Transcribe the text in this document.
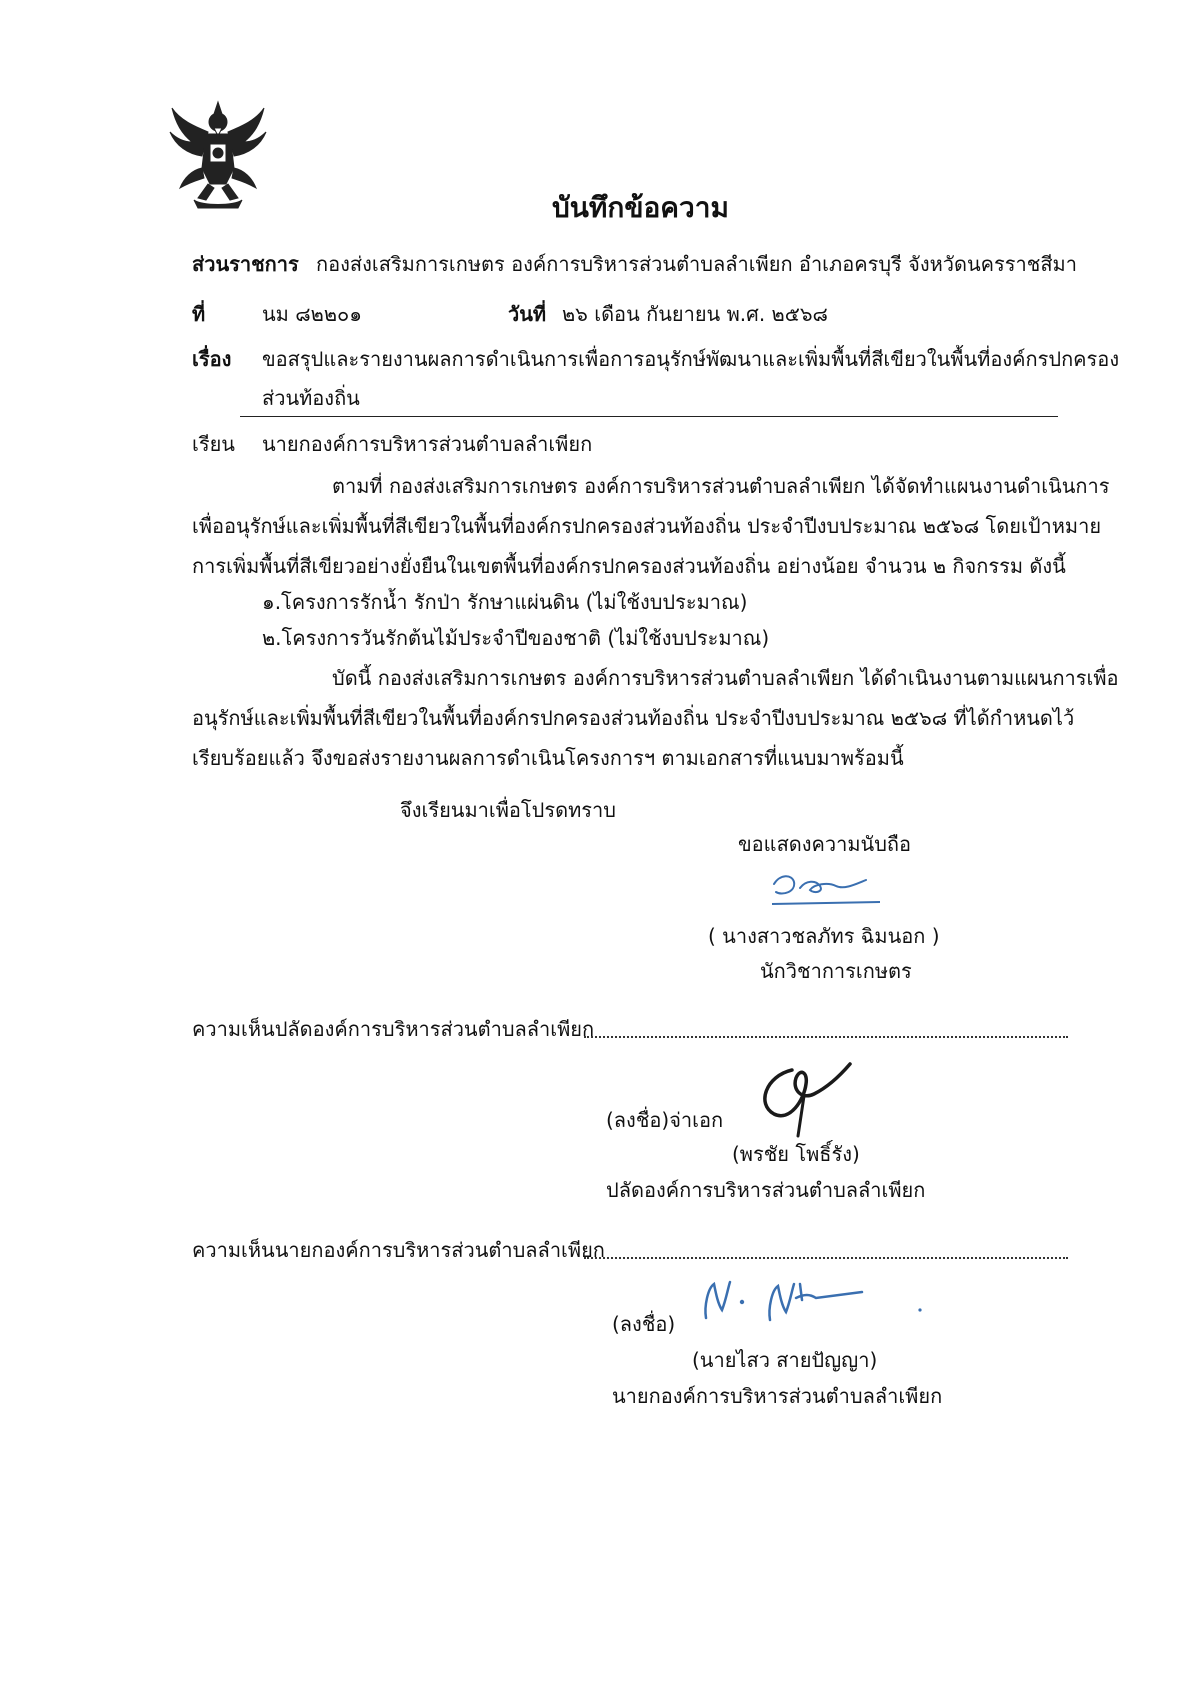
บันทึกข้อความ
ส่วนราชการ กองส่งเสริมการเกษตร องค์การบริหารส่วนตำบลลำเพียก อำเภอครบุรี จังหวัดนครราชสีมา
ที่	นม ๘๒๒๐๑	วันที่ ๒๖ เดือน กันยายน พ.ศ. ๒๕๖๘
เรื่อง ขอสรุปและรายงานผลการดำเนินการเพื่อการอนุรักษ์พัฒนาและเพิ่มพื้นที่สีเขียวในพื้นที่องค์กรปกครอง
ส่วนท้องถิ่น
เรียน นายกองค์การบริหารส่วนตำบลลำเพียก
ตามที่ กองส่งเสริมการเกษตร องค์การบริหารส่วนตำบลลำเพียก ได้จัดทำแผนงานดำเนินการ
เพื่ออนุรักษ์และเพิ่มพื้นที่สีเขียวในพื้นที่องค์กรปกครองส่วนท้องถิ่น ประจำปีงบประมาณ ๒๕๖๘ โดยเป้าหมาย
การเพิ่มพื้นที่สีเขียวอย่างยั่งยืนในเขตพื้นที่องค์กรปกครองส่วนท้องถิ่น อย่างน้อย จำนวน ๒ กิจกรรม ดังนี้
๑.โครงการรักน้ำ รักป่า รักษาแผ่นดิน (ไม่ใช้งบประมาณ)
๒.โครงการวันรักต้นไม้ประจำปีของชาติ (ไม่ใช้งบประมาณ)
บัดนี้ กองส่งเสริมการเกษตร องค์การบริหารส่วนตำบลลำเพียก ได้ดำเนินงานตามแผนการเพื่อ
อนุรักษ์และเพิ่มพื้นที่สีเขียวในพื้นที่องค์กรปกครองส่วนท้องถิ่น ประจำปีงบประมาณ ๒๕๖๘ ที่ได้กำหนดไว้
เรียบร้อยแล้ว จึงขอส่งรายงานผลการดำเนินโครงการฯ ตามเอกสารที่แนบมาพร้อมนี้
จึงเรียนมาเพื่อโปรดทราบ
ขอแสดงความนับถือ
( นางสาวชลภัทร ฉิมนอก )
นักวิชาการเกษตร
ความเห็นปลัดองค์การบริหารส่วนตำบลลำเพียก
(ลงชื่อ)จ่าเอก
(พรชัย โพธิ์รัง)
ปลัดองค์การบริหารส่วนตำบลลำเพียก
ความเห็นนายกองค์การบริหารส่วนตำบลลำเพียก
(ลงชื่อ)
(นายไสว สายปัญญา)
นายกองค์การบริหารส่วนตำบลลำเพียก
